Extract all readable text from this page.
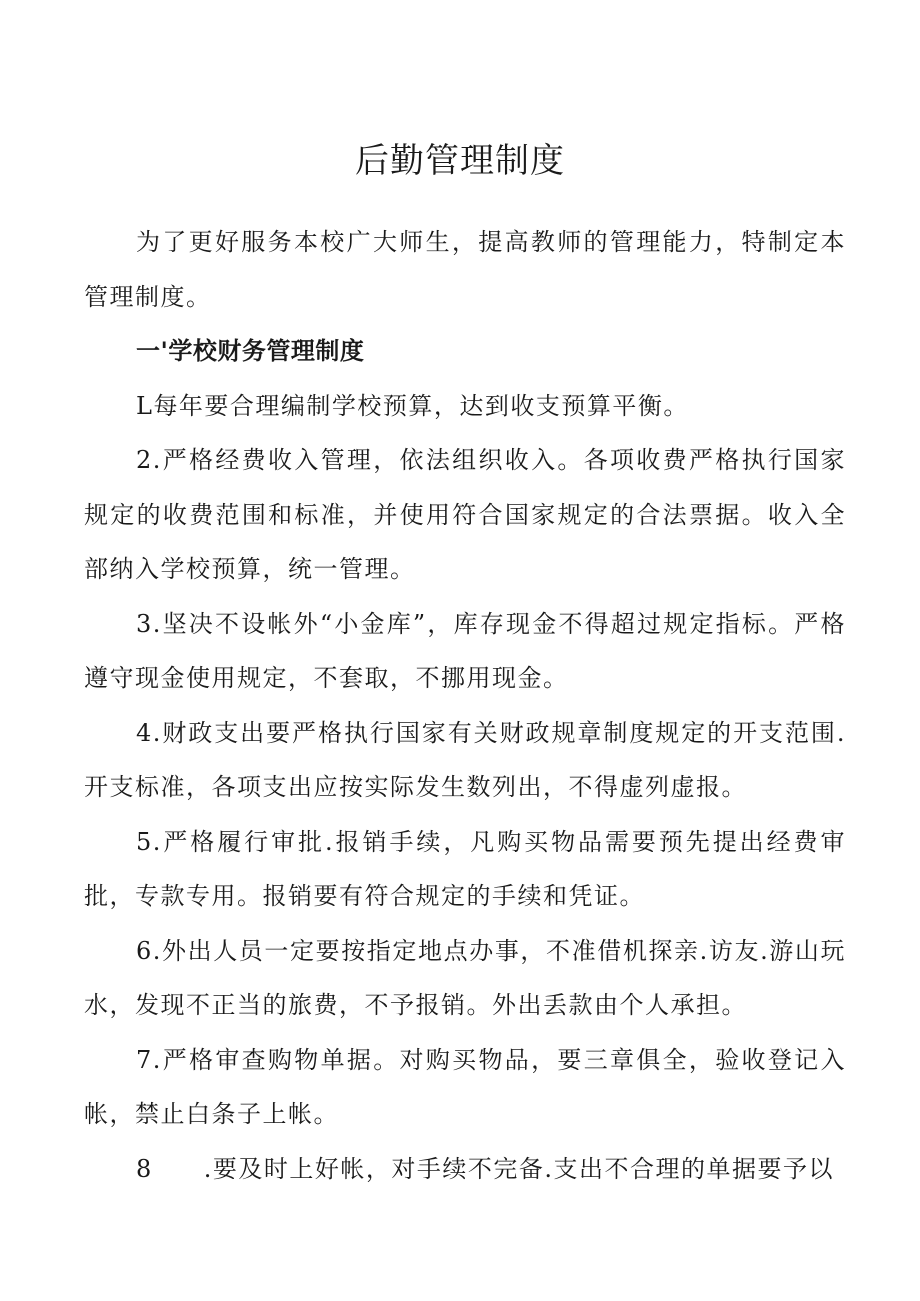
后勤管理制度

为了更好服务本校广大师生，提高教师的管理能力，特制定本管理制度。

一'学校财务管理制度

L每年要合理编制学校预算，达到收支预算平衡。

2.严格经费收入管理，依法组织收入。各项收费严格执行国家规定的收费范围和标准，并使用符合国家规定的合法票据。收入全部纳入学校预算，统一管理。

3.坚决不设帐外“小金库”，库存现金不得超过规定指标。严格遵守现金使用规定，不套取，不挪用现金。

4.财政支出要严格执行国家有关财政规章制度规定的开支范围.开支标准，各项支出应按实际发生数列出，不得虚列虚报。

5.严格履行审批.报销手续，凡购买物品需要预先提出经费审批，专款专用。报销要有符合规定的手续和凭证。

6.外出人员一定要按指定地点办事，不准借机探亲.访友.游山玩水，发现不正当的旅费，不予报销。外出丢款由个人承担。

7.严格审查购物单据。对购买物品，要三章俱全，验收登记入帐，禁止白条子上帐。

8　　.要及时上好帐，对手续不完备.支出不合理的单据要予以
